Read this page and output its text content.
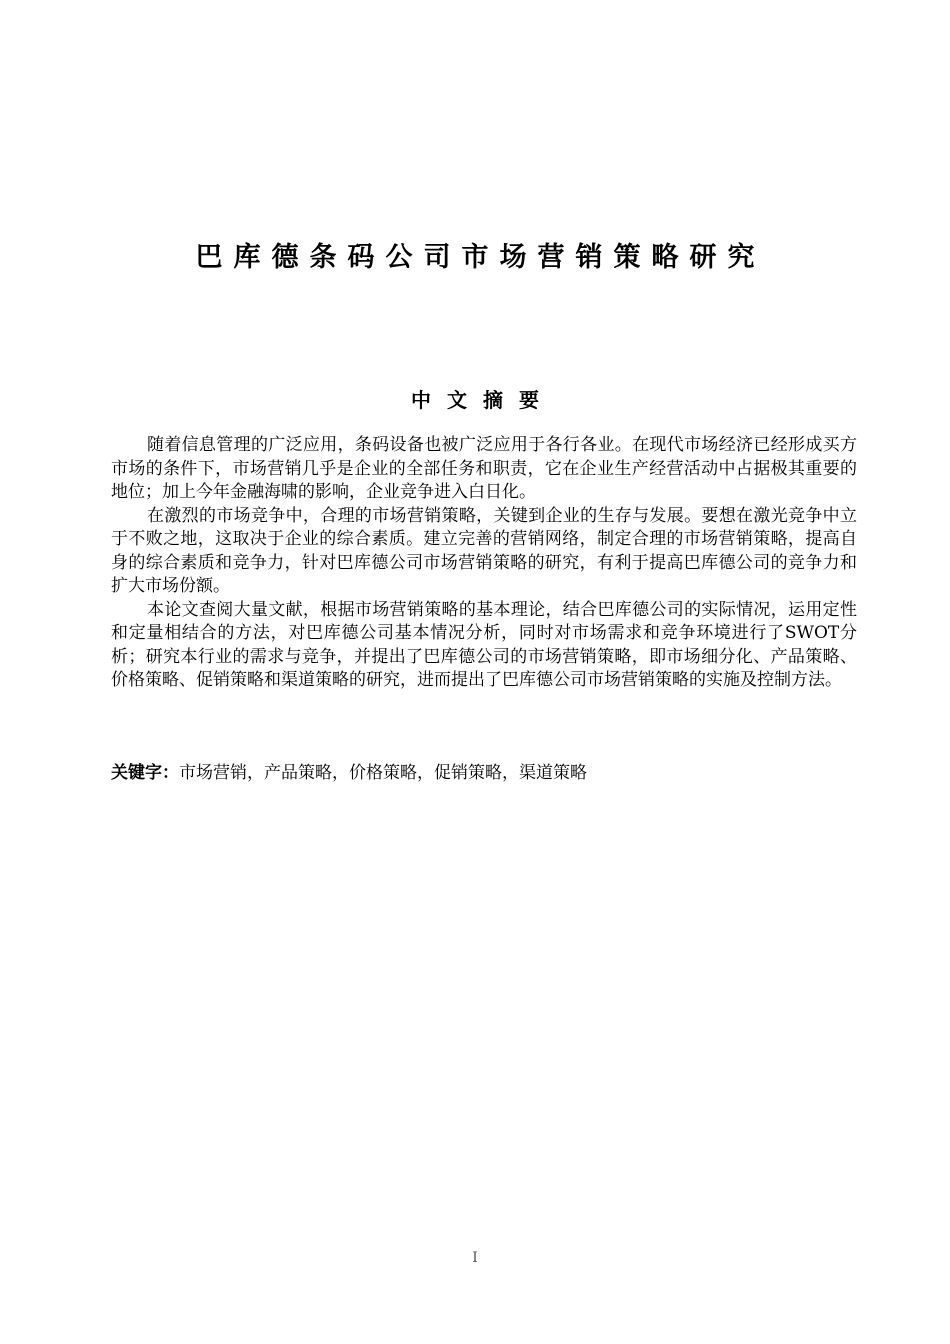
巴库德条码公司市场营销策略研究
中文摘要

随着信息管理的广泛应用，条码设备也被广泛应用于各行各业。在现代市场经济已经形成买方市场的条件下，市场营销几乎是企业的全部任务和职责，它在企业生产经营活动中占据极其重要的地位；加上今年金融海啸的影响，企业竞争进入白日化。

在激烈的市场竞争中，合理的市场营销策略，关键到企业的生存与发展。要想在激光竞争中立于不败之地，这取决于企业的综合素质。建立完善的营销网络，制定合理的市场营销策略，提高自身的综合素质和竞争力，针对巴库德公司市场营销策略的研究，有利于提高巴库德公司的竞争力和扩大市场份额。

本论文查阅大量文献，根据市场营销策略的基本理论，结合巴库德公司的实际情况，运用定性和定量相结合的方法，对巴库德公司基本情况分析，同时对市场需求和竞争环境进行了SWOT分析；研究本行业的需求与竞争，并提出了巴库德公司的市场营销策略，即市场细分化、产品策略、价格策略、促销策略和渠道策略的研究，进而提出了巴库德公司市场营销策略的实施及控制方法。

关键字：市场营销，产品策略，价格策略，促销策略，渠道策略

I
